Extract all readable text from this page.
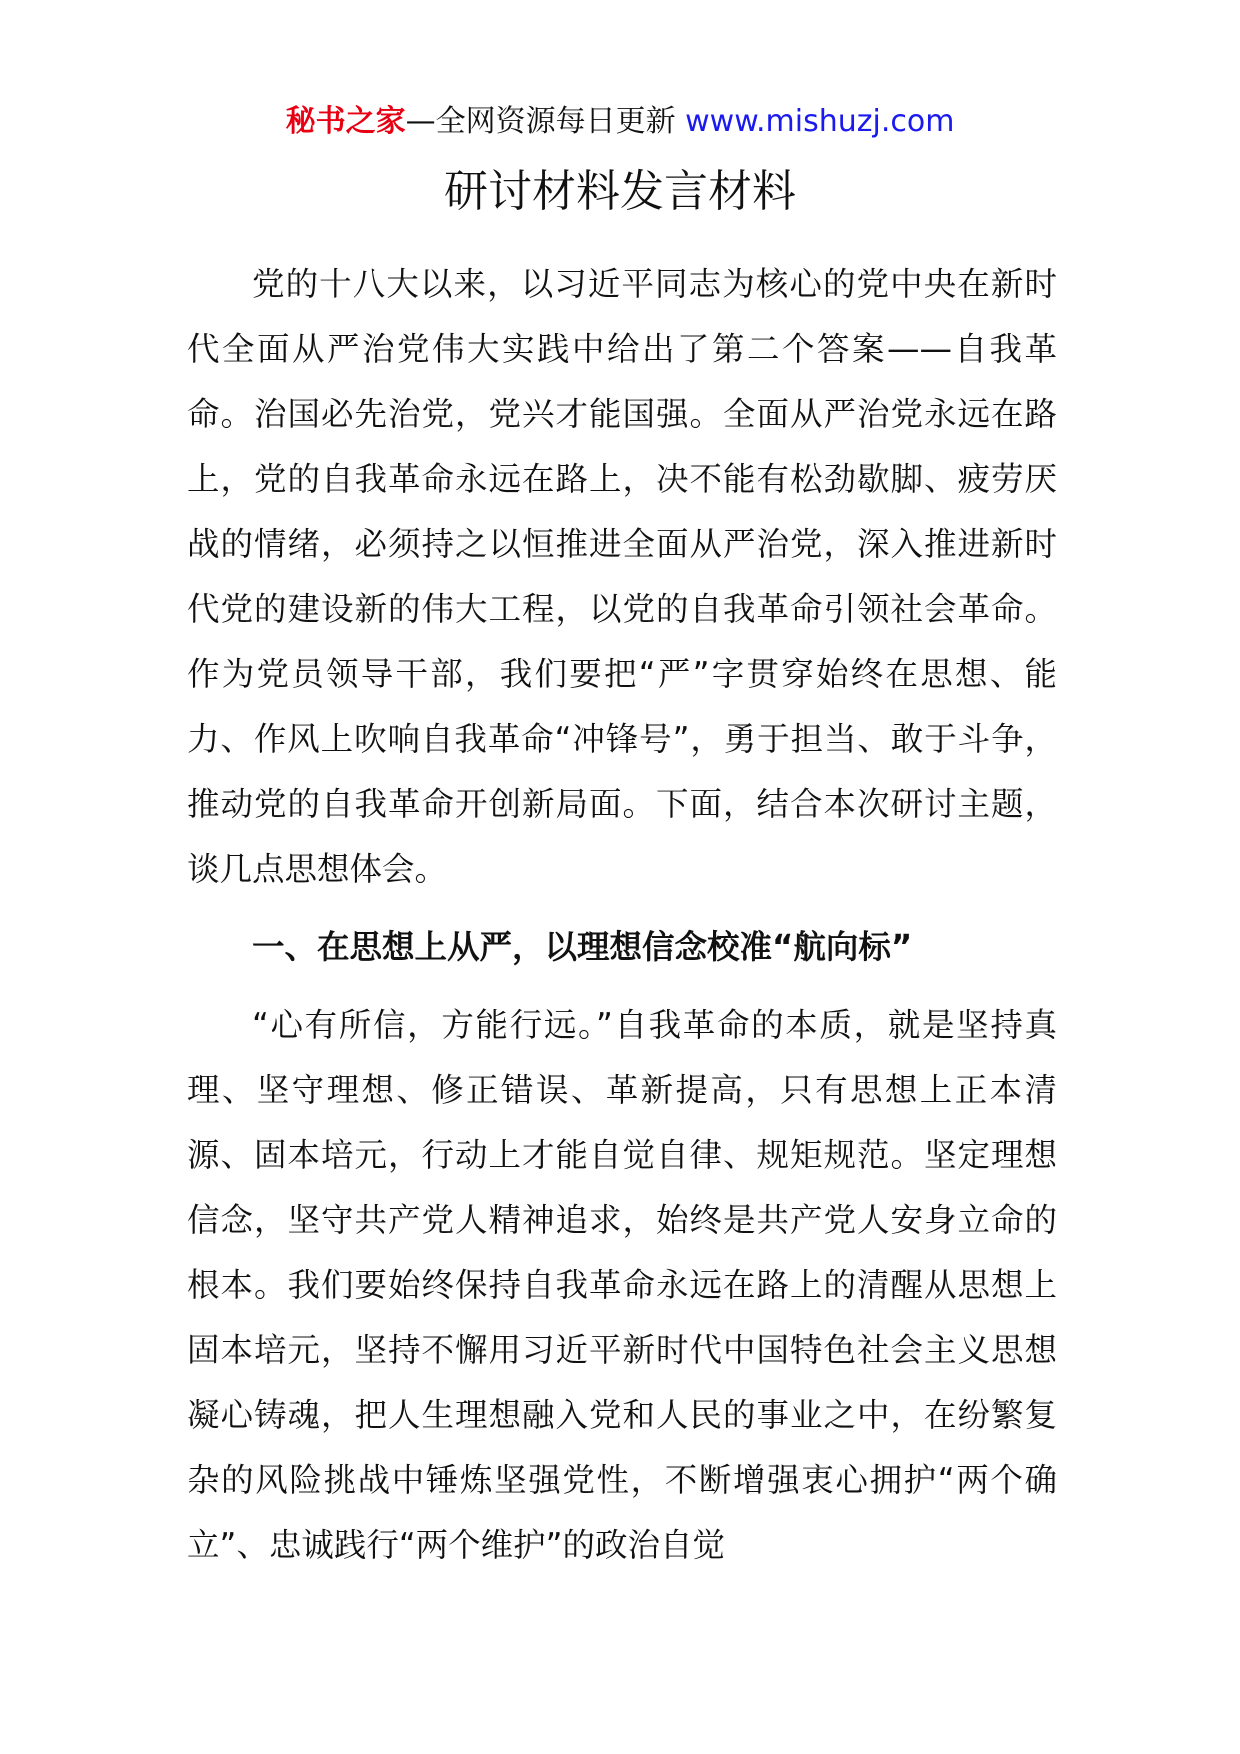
秘书之家—全网资源每日更新 www.mishuzj.com
研讨材料发言材料

党的十八大以来，以习近平同志为核心的党中央在新时代全面从严治党伟大实践中给出了第二个答案——自我革命。治国必先治党，党兴才能国强。全面从严治党永远在路上，党的自我革命永远在路上，决不能有松劲歇脚、疲劳厌战的情绪，必须持之以恒推进全面从严治党，深入推进新时代党的建设新的伟大工程，以党的自我革命引领社会革命。作为党员领导干部，我们要把“严”字贯穿始终在思想、能力、作风上吹响自我革命“冲锋号”，勇于担当、敢于斗争，推动党的自我革命开创新局面。下面，结合本次研讨主题，谈几点思想体会。

一、在思想上从严，以理想信念校准“航向标”

“心有所信，方能行远。”自我革命的本质，就是坚持真理、坚守理想、修正错误、革新提高，只有思想上正本清源、固本培元，行动上才能自觉自律、规矩规范。坚定理想信念，坚守共产党人精神追求，始终是共产党人安身立命的根本。我们要始终保持自我革命永远在路上的清醒从思想上固本培元，坚持不懈用习近平新时代中国特色社会主义思想凝心铸魂，把人生理想融入党和人民的事业之中，在纷繁复杂的风险挑战中锤炼坚强党性，不断增强衷心拥护“两个确立”、忠诚践行“两个维护”的政治自觉
